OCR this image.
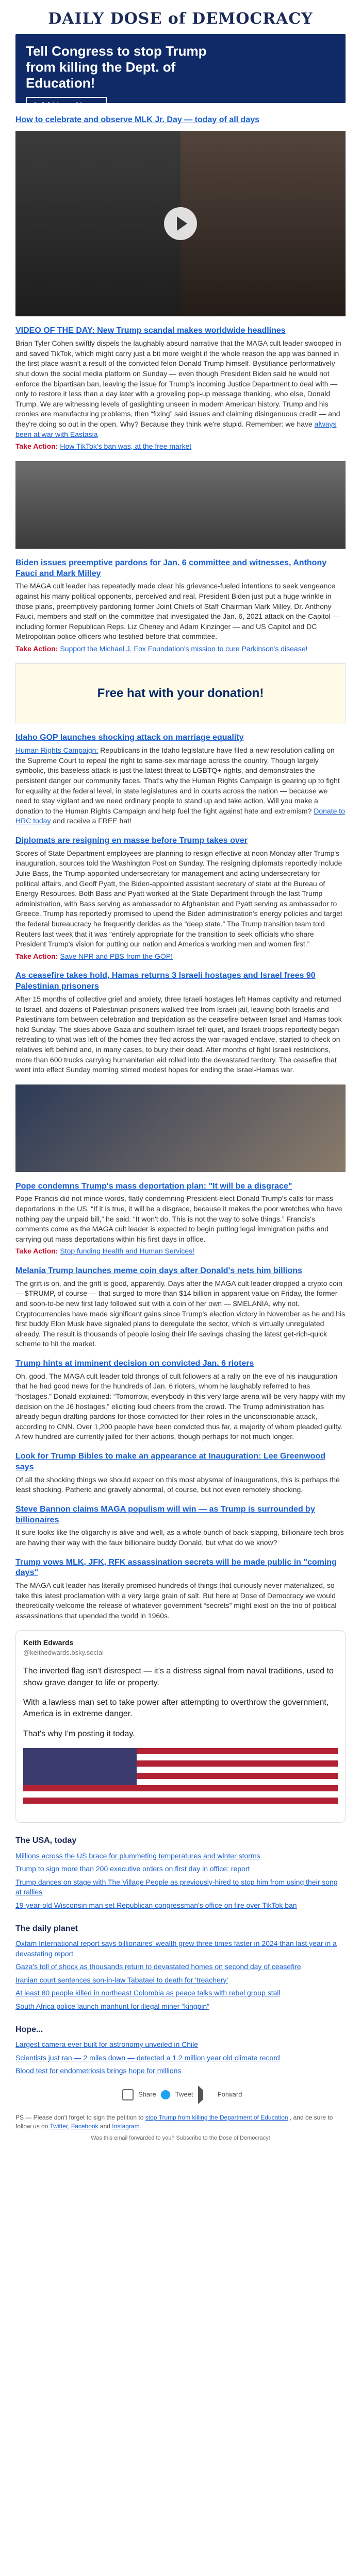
DAILY DOSE of DEMOCRACY
Tell Congress to stop Trump
from killing the Dept. of
Education!
Add Your Name
How to celebrate and observe MLK Jr. Day — today of all days
VIDEO OF THE DAY: New Trump scandal makes worldwide headlines
Brian Tyler Cohen swiftly dispels the laughably absurd narrative that the MAGA cult leader swooped in and saved TikTok, which might carry just a bit more weight if the whole reason the app was banned in the first place wasn't a result of the convicted felon Donald Trump himself. Bystifiance performatively shut down the social media platform on Sunday — even though President Biden said he would not enforce the bipartisan ban, leaving the issue for Trump's incoming Justice Department to deal with — only to restore it less than a day later with a groveling pop-up message thanking, who else, Donald Trump. We are witnessing levels of gaslighting unseen in modern American history. Trump and his cronies are manufacturing problems, then “fixing” said issues and claiming disingenuous credit — and they're doing so out in the open. Why? Because they think we're stupid. Remember: we have always been at war with Eastasia
Take Action: How TikTok's ban was, at the free market
Biden issues preemptive pardons for Jan. 6 committee and witnesses, Anthony Fauci and Mark Milley
The MAGA cult leader has repeatedly made clear his grievance-fueled intentions to seek vengeance against his many political opponents, perceived and real. President Biden just put a huge wrinkle in those plans, preemptively pardoning former Joint Chiefs of Staff Chairman Mark Milley, Dr. Anthony Fauci, members and staff on the committee that investigated the Jan. 6, 2021 attack on the Capitol — including former Republican Reps. Liz Cheney and Adam Kinzinger — and US Capitol and DC Metropolitan police officers who testified before that committee.
Take Action: Support the Michael J. Fox Foundation's mission to cure Parkinson's disease!
Free hat with your donation!
Idaho GOP launches shocking attack on marriage equality
Human Rights Campaign: Republicans in the Idaho legislature have filed a new resolution calling on the Supreme Court to repeal the right to same-sex marriage across the country. Though largely symbolic, this baseless attack is just the latest threat to LGBTQ+ rights, and demonstrates the persistent danger our community faces. That's why the Human Rights Campaign is gearing up to fight for equality at the federal level, in state legislatures and in courts across the nation — because we need to stay vigilant and we need ordinary people to stand up and take action. Will you make a donation to the Human Rights Campaign and help fuel the fight against hate and extremism? Donate to HRC today and receive a FREE hat!
Diplomats are resigning en masse before Trump takes over
Scores of State Department employees are planning to resign effective at noon Monday after Trump's inauguration, sources told the Washington Post on Sunday. The resigning diplomats reportedly include Julie Bass, the Trump-appointed undersecretary for management and acting undersecretary for political affairs, and Geoff Pyatt, the Biden-appointed assistant secretary of state at the Bureau of Energy Resources. Both Bass and Pyatt worked at the State Department through the last Trump administration, with Bass serving as ambassador to Afghanistan and Pyatt serving as ambassador to Greece. Trump has reportedly promised to upend the Biden administration's energy policies and target the federal bureaucracy he frequently derides as the “deep state.” The Trump transition team told Reuters last week that it was “entirely appropriate for the transition to seek officials who share President Trump's vision for putting our nation and America's working men and women first.”
Take Action: Save NPR and PBS from the GOP!
As ceasefire takes hold, Hamas returns 3 Israeli hostages and Israel frees 90 Palestinian prisoners
After 15 months of collective grief and anxiety, three Israeli hostages left Hamas captivity and returned to Israel, and dozens of Palestinian prisoners walked free from Israeli jail, leaving both Israelis and Palestinians torn between celebration and trepidation as the ceasefire between Israel and Hamas took hold Sunday. The skies above Gaza and southern Israel fell quiet, and Israeli troops reportedly began retreating to what was left of the homes they fled across the war-ravaged enclave, started to check on relatives left behind and, in many cases, to bury their dead. After months of fight Israeli restrictions, more than 600 trucks carrying humanitarian aid rolled into the devastated territory. The ceasefire that went into effect Sunday morning stirred modest hopes for ending the Israel-Hamas war.
Pope condemns Trump's mass deportation plan: "It will be a disgrace"
Pope Francis did not mince words, flatly condemning President-elect Donald Trump's calls for mass deportations in the US. “If it is true, it will be a disgrace, because it makes the poor wretches who have nothing pay the unpaid bill,” he said. “It won't do. This is not the way to solve things.” Francis's comments come as the MAGA cult leader is expected to begin putting legal immigration paths and carrying out mass deportations within his first days in office.
Take Action: Stop funding Health and Human Services!
Melania Trump launches meme coin days after Donald's nets him billions
The grift is on, and the grift is good, apparently. Days after the MAGA cult leader dropped a crypto coin — $TRUMP, of course — that surged to more than $14 billion in apparent value on Friday, the former and soon-to-be new first lady followed suit with a coin of her own — $MELANIA, why not. Cryptocurrencies have made significant gains since Trump's election victory in November as he and his first buddy Elon Musk have signaled plans to deregulate the sector, which is virtually unregulated already. The result is thousands of people losing their life savings chasing the latest get-rich-quick scheme to hit the market.
Trump hints at imminent decision on convicted Jan. 6 rioters
Oh, good. The MAGA cult leader told throngs of cult followers at a rally on the eve of his inauguration that he had good news for the hundreds of Jan. 6 rioters, whom he laughably referred to has “hostages.” Donald explained: “Tomorrow, everybody in this very large arena will be very happy with my decision on the J6 hostages,” eliciting loud cheers from the crowd. The Trump administration has already begun drafting pardons for those convicted for their roles in the unconscionable attack, according to CNN. Over 1,200 people have been convicted thus far, a majority of whom pleaded guilty. A few hundred are currently jailed for their actions, though perhaps for not much longer.
Look for Trump Bibles to make an appearance at Inauguration: Lee Greenwood says
Of all the shocking things we should expect on this most abysmal of inaugurations, this is perhaps the least shocking. Patheric and gravely abnormal, of course, but not even remotely shocking.
Steve Bannon claims MAGA populism will win — as Trump is surrounded by billionaires
It sure looks like the oligarchy is alive and well, as a whole bunch of back-slapping, billionaire tech bros are having their way with the faux billionaire buddy Donald, but what do we know?
Trump vows MLK, JFK, RFK assassination secrets will be made public in "coming days"
The MAGA cult leader has literally promised hundreds of things that curiously never materialized, so take this latest proclamation with a very large grain of salt. But here at Dose of Democracy we would theoretically welcome the release of whatever government “secrets” might exist on the trio of political assassinations that upended the world in 1960s.
Keith Edwards
@keithedwards.bsky.social

The inverted flag isn't disrespect — it's a distress signal from naval traditions, used to show grave danger to life or property.

With a lawless man set to take power after attempting to overthrow the government, America is in extreme danger.

That's why I'm posting it today.

The USA, today
Millions across the US brace for plummeting temperatures and winter storms
Trump to sign more than 200 executive orders on first day in office: report
Trump dances on stage with The Village People as previously-hired to stop him from using their song at rallies
19-year-old Wisconsin man set Republican congressman's office on fire over TikTok ban
The daily planet
Oxfam International report says billionaires' wealth grew three times faster in 2024 than last year in a devastating report
Gaza's toll of shock as thousands return to devastated homes on second day of ceasefire
Iranian court sentences son-in-law Tabataei to death for 'treachery'
At least 80 people killed in northeast Colombia as peace talks with rebel group stall
South Africa police launch manhunt for illegal miner “kingpin”
Hope...
Largest camera ever built for astronomy unveiled in Chile
Scientists just ran — 2 miles down — detected a 1.2 million year old climate record
Blood test for endometriosis brings hope for millions
Share	Tweet	Forward
PS — Please don't forget to sign the petition to stop Trump from killing the Department of Education , and be sure to follow us on Twitter, Facebook and Instagram.
Was this email forwarded to you? Subscribe to the Dose of Democracy!
